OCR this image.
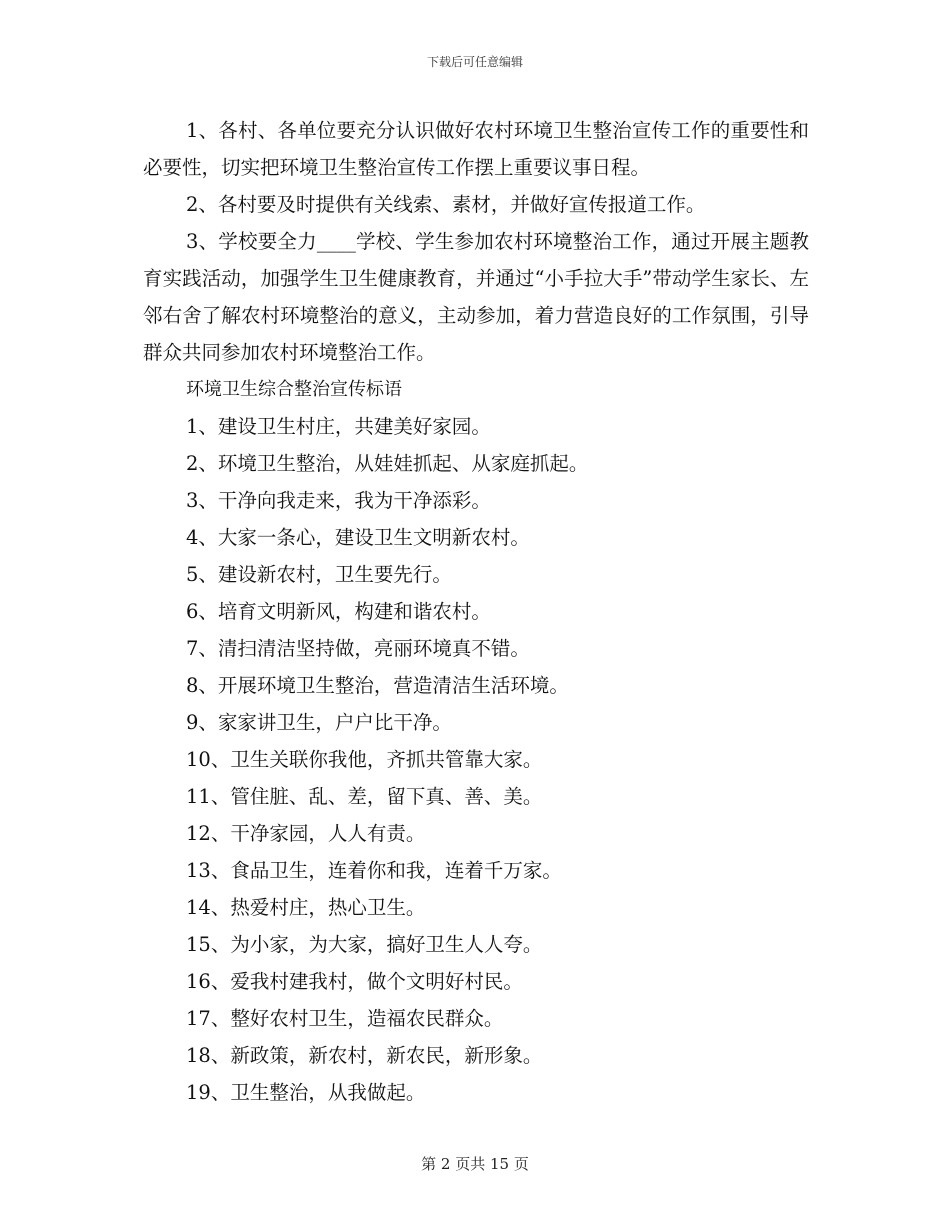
下载后可任意编辑

1、各村、各单位要充分认识做好农村环境卫生整治宣传工作的重要性和必要性，切实把环境卫生整治宣传工作摆上重要议事日程。

2、各村要及时提供有关线索、素材，并做好宣传报道工作。

3、学校要全力____学校、学生参加农村环境整治工作，通过开展主题教育实践活动，加强学生卫生健康教育，并通过“小手拉大手”带动学生家长、左邻右舍了解农村环境整治的意义，主动参加，着力营造良好的工作氛围，引导群众共同参加农村环境整治工作。

环境卫生综合整治宣传标语

1、建设卫生村庄，共建美好家园。

2、环境卫生整治，从娃娃抓起、从家庭抓起。

3、干净向我走来，我为干净添彩。

4、大家一条心，建设卫生文明新农村。

5、建设新农村，卫生要先行。

6、培育文明新风，构建和谐农村。

7、清扫清洁坚持做，亮丽环境真不错。

8、开展环境卫生整治，营造清洁生活环境。

9、家家讲卫生，户户比干净。

10、卫生关联你我他，齐抓共管靠大家。

11、管住脏、乱、差，留下真、善、美。

12、干净家园，人人有责。

13、食品卫生，连着你和我，连着千万家。

14、热爱村庄，热心卫生。

15、为小家，为大家，搞好卫生人人夸。

16、爱我村建我村，做个文明好村民。

17、整好农村卫生，造福农民群众。

18、新政策，新农村，新农民，新形象。

19、卫生整治，从我做起。

第 2 页共 15 页
